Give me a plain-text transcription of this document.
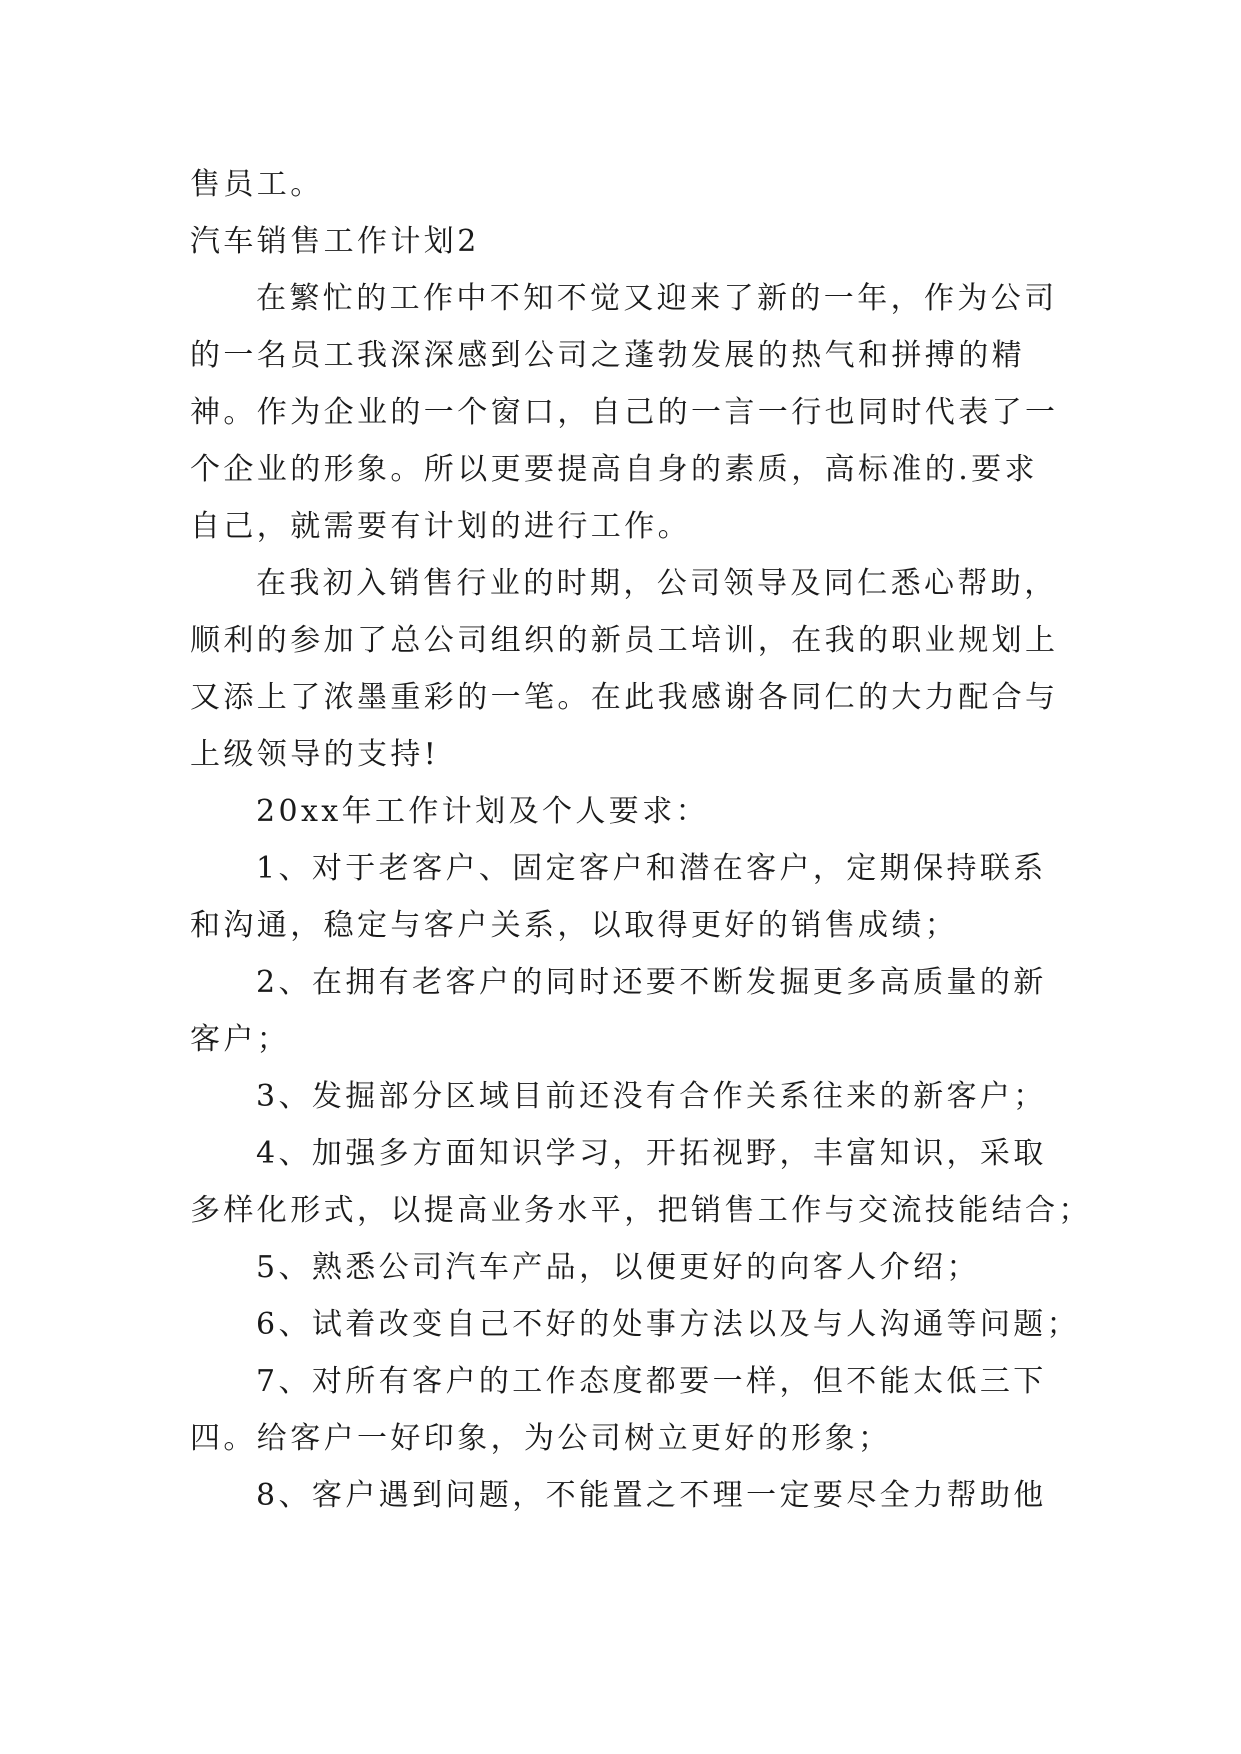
售员工。
汽车销售工作计划2
在繁忙的工作中不知不觉又迎来了新的一年，作为公司
的一名员工我深深感到公司之蓬勃发展的热气和拼搏的精
神。作为企业的一个窗口，自己的一言一行也同时代表了一
个企业的形象。所以更要提高自身的素质，高标准的.要求
自己，就需要有计划的进行工作。
在我初入销售行业的时期，公司领导及同仁悉心帮助，
顺利的参加了总公司组织的新员工培训，在我的职业规划上
又添上了浓墨重彩的一笔。在此我感谢各同仁的大力配合与
上级领导的支持!
20xx年工作计划及个人要求：
1、对于老客户、固定客户和潜在客户，定期保持联系
和沟通，稳定与客户关系，以取得更好的销售成绩；
2、在拥有老客户的同时还要不断发掘更多高质量的新
客户；
3、发掘部分区域目前还没有合作关系往来的新客户；
4、加强多方面知识学习，开拓视野，丰富知识，采取
多样化形式，以提高业务水平，把销售工作与交流技能结合；
5、熟悉公司汽车产品，以便更好的向客人介绍；
6、试着改变自己不好的处事方法以及与人沟通等问题；
7、对所有客户的工作态度都要一样，但不能太低三下
四。给客户一好印象，为公司树立更好的形象；
8、客户遇到问题，不能置之不理一定要尽全力帮助他
